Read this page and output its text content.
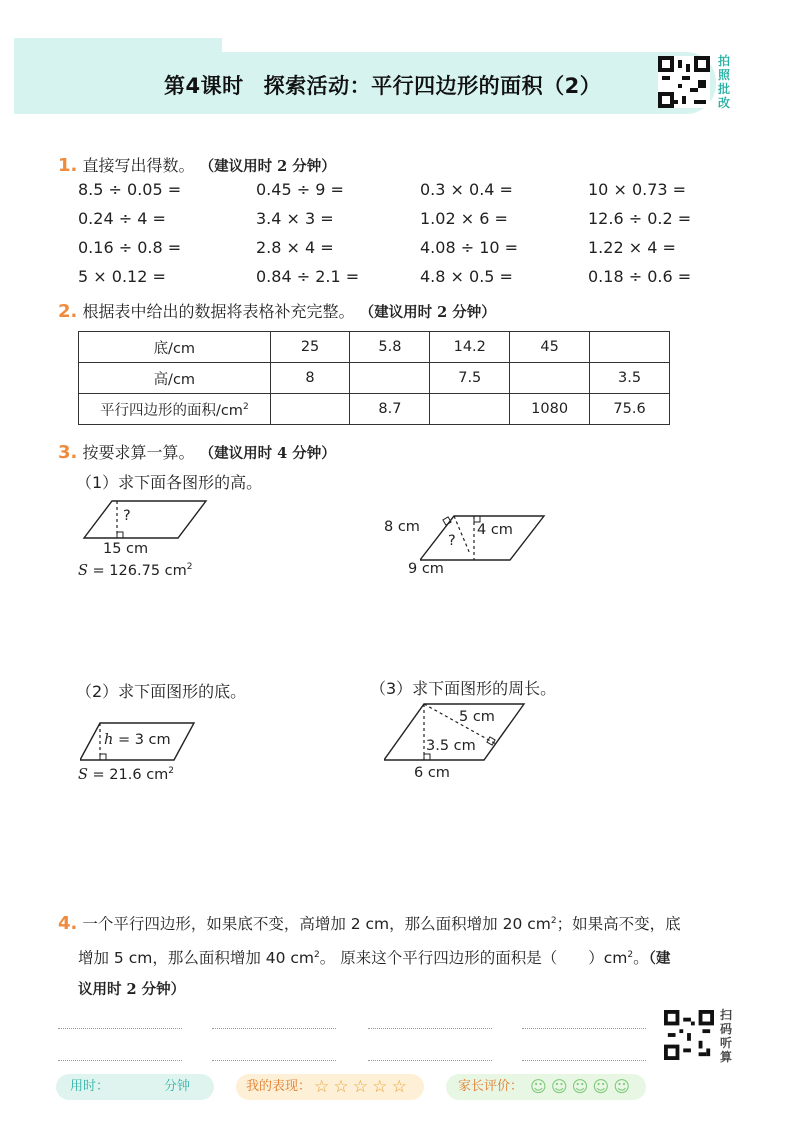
第4课时 探索活动：平行四边形的面积（2）
拍
照
批
改
1. 直接写出得数。 （建议用时 2 分钟）
8.5 ÷ 0.05 =	0.45 ÷ 9 =	0.3 × 0.4 =	10 × 0.73 =
0.24 ÷ 4 =	3.4 × 3 =	1.02 × 6 =	12.6 ÷ 0.2 =
0.16 ÷ 0.8 =	2.8 × 4 =	4.08 ÷ 10 =	1.22 × 4 =
5 × 0.12 =	0.84 ÷ 2.1 =	4.8 × 0.5 =	0.18 ÷ 0.6 =
2. 根据表中给出的数据将表格补充完整。 （建议用时 2 分钟）
底/cm	25	5.8	14.2	45	
高/cm	8		7.5		3.5
平行四边形的面积$/cm^2$		8.7		1080	75.6
3. 按要求算一算。 （建议用时 4 分钟）
（1）求下面各图形的高。
?
15 cm
S = 126.75 $cm^2$
8 cm	4 cm
?
9 cm
（2）求下面图形的底。
h = 3 cm
S = 21.6 $cm^2$
（3）求下面图形的周长。
5 cm
3.5 cm
6 cm
4. 一个平行四边形，如果底不变，高增加 2 cm，那么面积增加 20 $cm^2$；如果高不变，底
增加 5 cm，那么面积增加 40 $cm^2$。 原来这个平行四边形的面积是（　　）$cm^2$。（建
议用时 2 分钟）
扫
码
听
算
用时：	分钟	我的表现： ☆ ☆ ☆ ☆ ☆	家长评价： ☺ ☺ ☺ ☺ ☺
